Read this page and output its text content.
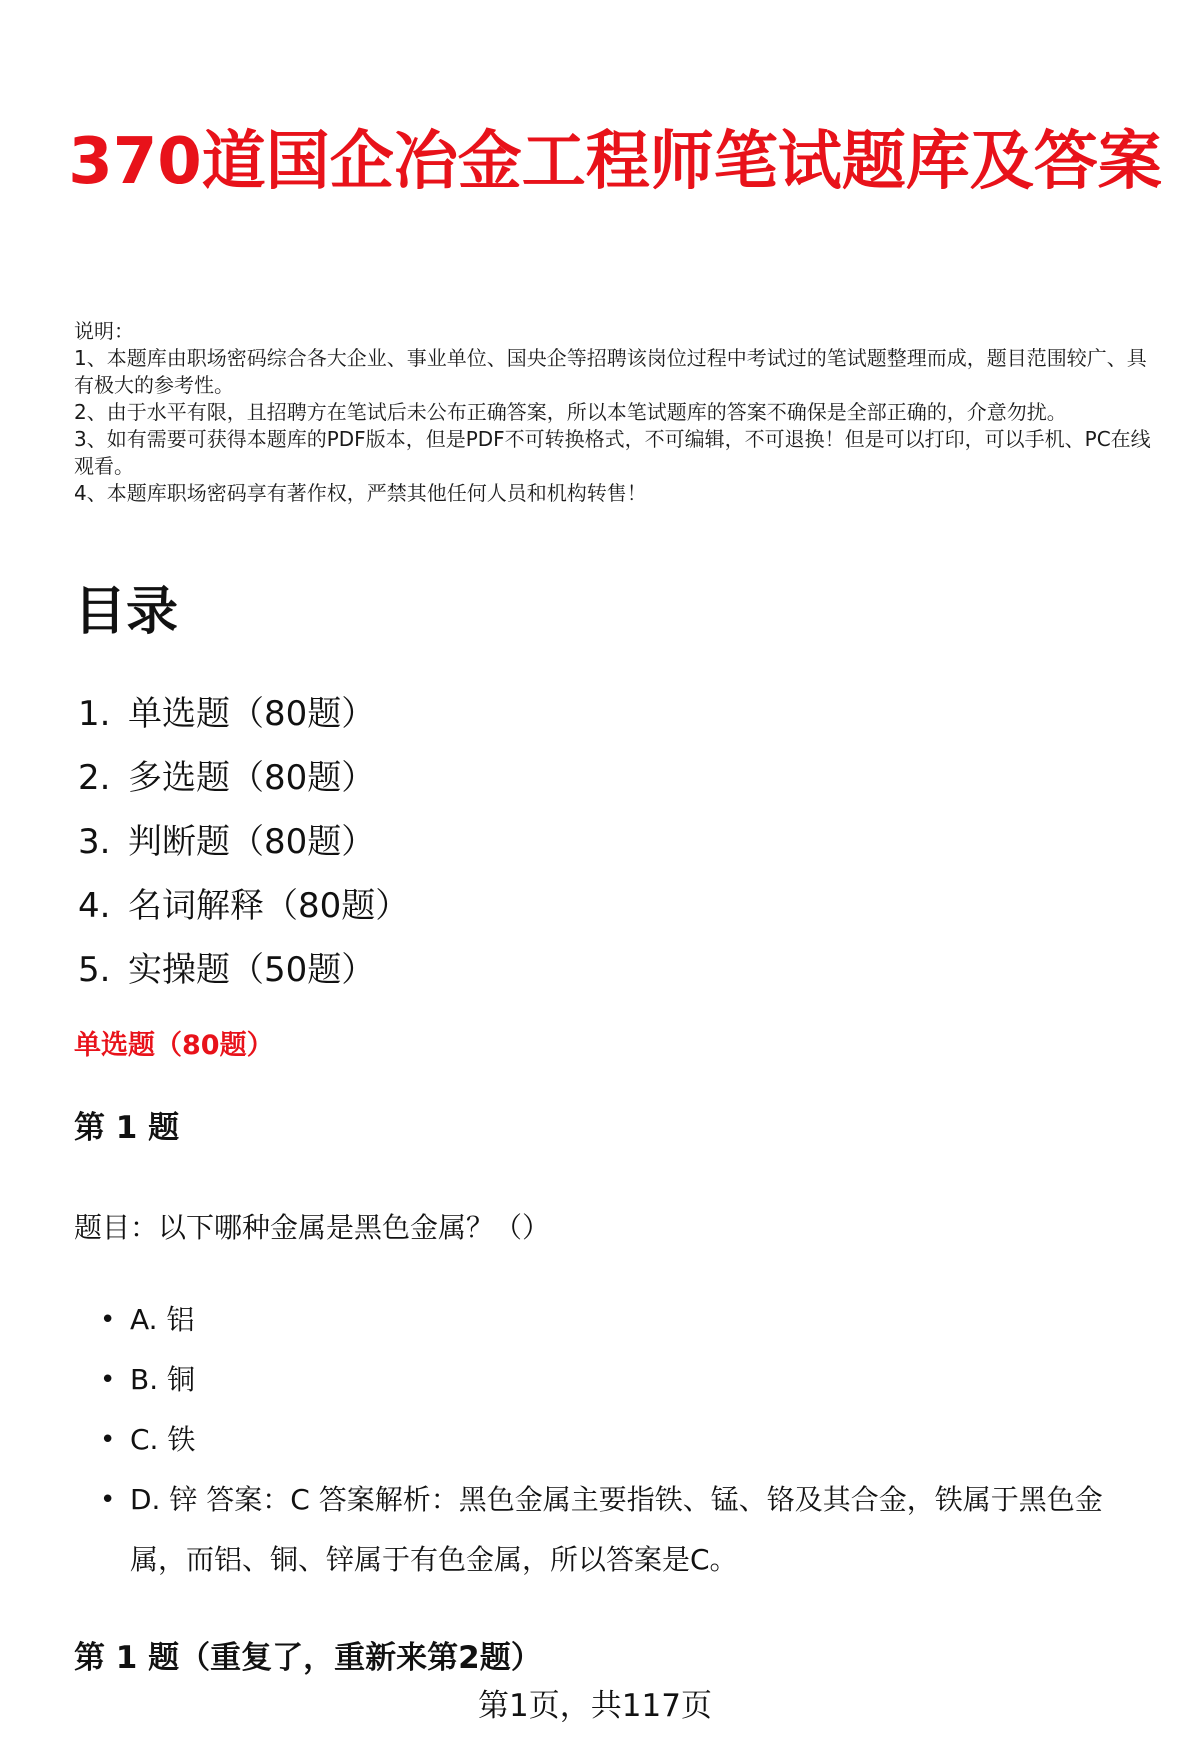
370道国企冶金工程师笔试题库及答案

说明：

1、本题库由职场密码综合各大企业、事业单位、国央企等招聘该岗位过程中考试过的笔试题整理而成，题目范围较广、具有极大的参考性。

2、由于水平有限，且招聘方在笔试后未公布正确答案，所以本笔试题库的答案不确保是全部正确的，介意勿扰。

3、如有需要可获得本题库的PDF版本，但是PDF不可转换格式，不可编辑，不可退换！但是可以打印，可以手机、PC在线观看。

4、本题库职场密码享有著作权，严禁其他任何人员和机构转售！

目录
1. 单选题（80题）
2. 多选题（80题）
3. 判断题（80题）
4. 名词解释（80题）
5. 实操题（50题）
单选题（80题）
第 1 题

题目：以下哪种金属是黑色金属？（）

• A. 铝
• B. 铜
• C. 铁
• D. 锌 答案：C 答案解析：黑色金属主要指铁、锰、铬及其合金，铁属于黑色金属，而铝、铜、锌属于有色金属，所以答案是C。
第 1 题（重复了，重新来第2题）
第1页，共117页
